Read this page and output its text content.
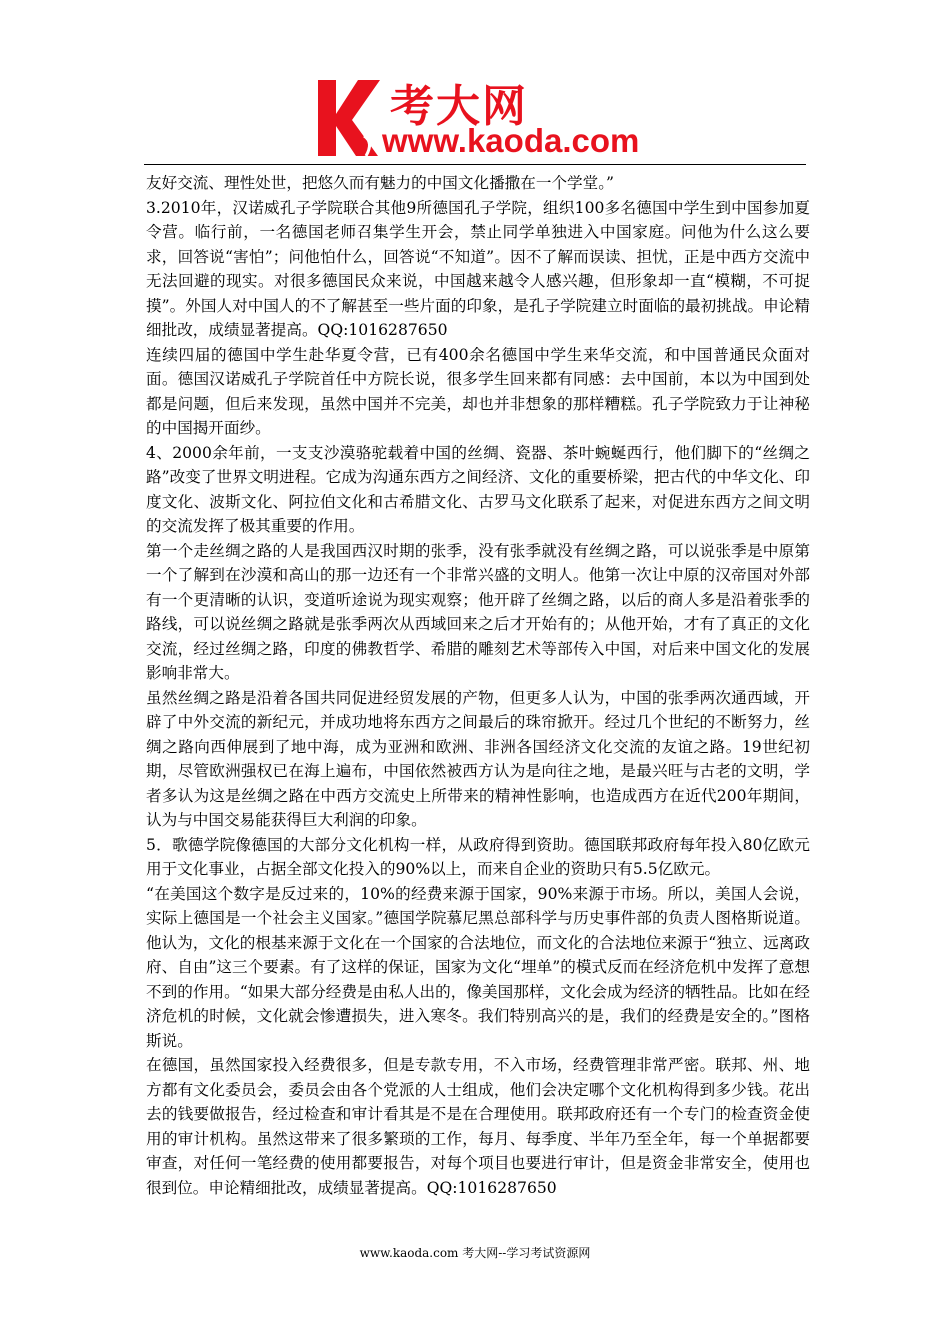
考大网
www.kaoda.com

友好交流、理性处世，把悠久而有魅力的中国文化播撒在一个学堂。”

3.2010年，汉诺威孔子学院联合其他9所德国孔子学院，组织100多名德国中学生到中国参加夏令营。临行前，一名德国老师召集学生开会，禁止同学单独进入中国家庭。问他为什么这么要求，回答说“害怕”；问他怕什么，回答说“不知道”。因不了解而误读、担忧，正是中西方交流中无法回避的现实。对很多德国民众来说，中国越来越令人感兴趣，但形象却一直“模糊，不可捉摸”。外国人对中国人的不了解甚至一些片面的印象，是孔子学院建立时面临的最初挑战。申论精细批改，成绩显著提高。QQ:1016287650

连续四届的德国中学生赴华夏令营，已有400余名德国中学生来华交流，和中国普通民众面对面。德国汉诺威孔子学院首任中方院长说，很多学生回来都有同感：去中国前，本以为中国到处都是问题，但后来发现，虽然中国并不完美，却也并非想象的那样糟糕。孔子学院致力于让神秘的中国揭开面纱。

4、2000余年前，一支支沙漠骆驼载着中国的丝绸、瓷器、茶叶蜿蜒西行，他们脚下的“丝绸之路”改变了世界文明进程。它成为沟通东西方之间经济、文化的重要桥梁，把古代的中华文化、印度文化、波斯文化、阿拉伯文化和古希腊文化、古罗马文化联系了起来，对促进东西方之间文明的交流发挥了极其重要的作用。

第一个走丝绸之路的人是我国西汉时期的张季，没有张季就没有丝绸之路，可以说张季是中原第一个了解到在沙漠和高山的那一边还有一个非常兴盛的文明人。他第一次让中原的汉帝国对外部有一个更清晰的认识，变道听途说为现实观察；他开辟了丝绸之路，以后的商人多是沿着张季的路线，可以说丝绸之路就是张季两次从西域回来之后才开始有的；从他开始，才有了真正的文化交流，经过丝绸之路，印度的佛教哲学、希腊的雕刻艺术等部传入中国，对后来中国文化的发展影响非常大。

虽然丝绸之路是沿着各国共同促进经贸发展的产物，但更多人认为，中国的张季两次通西域，开辟了中外交流的新纪元，并成功地将东西方之间最后的珠帘掀开。经过几个世纪的不断努力，丝绸之路向西伸展到了地中海，成为亚洲和欧洲、非洲各国经济文化交流的友谊之路。19世纪初期，尽管欧洲强权已在海上遍布，中国依然被西方认为是向往之地，是最兴旺与古老的文明，学者多认为这是丝绸之路在中西方交流史上所带来的精神性影响，也造成西方在近代200年期间，认为与中国交易能获得巨大利润的印象。

5．歌德学院像德国的大部分文化机构一样，从政府得到资助。德国联邦政府每年投入80亿欧元用于文化事业，占据全部文化投入的90%以上，而来自企业的资助只有5.5亿欧元。

“在美国这个数字是反过来的，10%的经费来源于国家，90%来源于市场。所以，美国人会说，实际上德国是一个社会主义国家。”德国学院慕尼黑总部科学与历史事件部的负责人图格斯说道。他认为，文化的根基来源于文化在一个国家的合法地位，而文化的合法地位来源于“独立、远离政府、自由”这三个要素。有了这样的保证，国家为文化“埋单”的模式反而在经济危机中发挥了意想不到的作用。“如果大部分经费是由私人出的，像美国那样，文化会成为经济的牺牲品。比如在经济危机的时候，文化就会惨遭损失，进入寒冬。我们特别高兴的是，我们的经费是安全的。”图格斯说。

在德国，虽然国家投入经费很多，但是专款专用，不入市场，经费管理非常严密。联邦、州、地方都有文化委员会，委员会由各个党派的人士组成，他们会决定哪个文化机构得到多少钱。花出去的钱要做报告，经过检查和审计看其是不是在合理使用。联邦政府还有一个专门的检查资金使用的审计机构。虽然这带来了很多繁琐的工作，每月、每季度、半年乃至全年，每一个单据都要审查，对任何一笔经费的使用都要报告，对每个项目也要进行审计，但是资金非常安全，使用也很到位。申论精细批改，成绩显著提高。QQ:1016287650

www.kaoda.com 考大网--学习考试资源网
